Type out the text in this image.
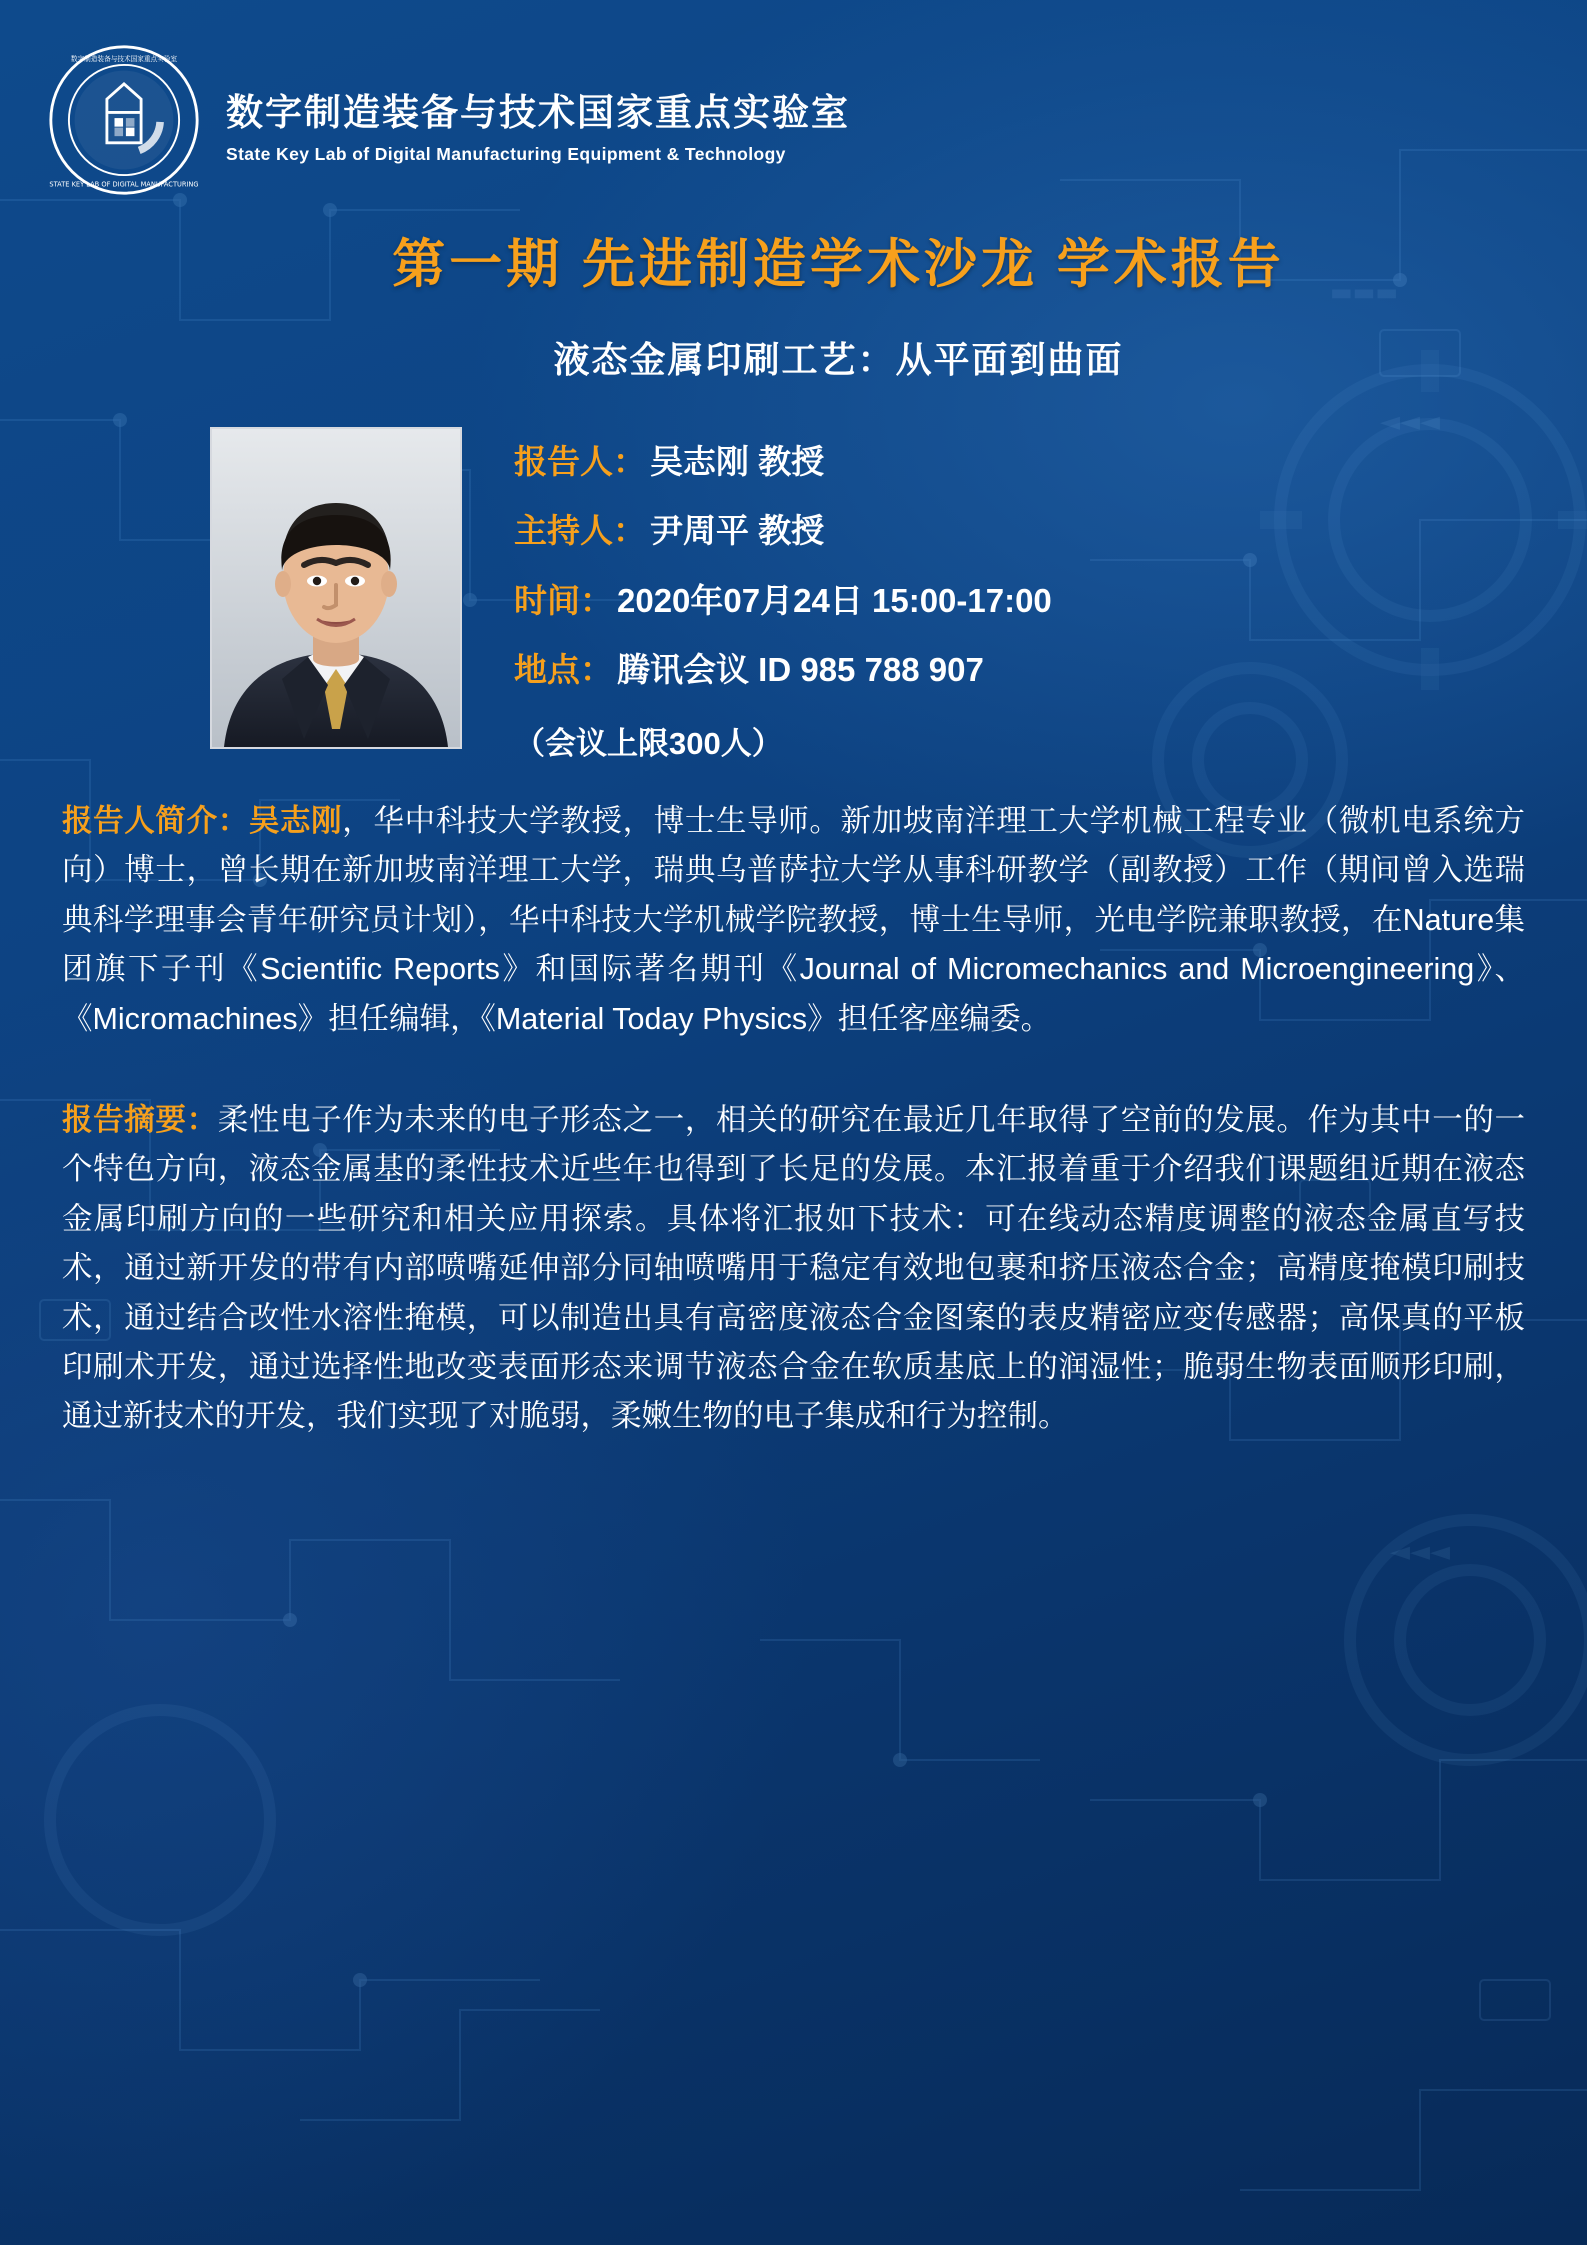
◄◄◄
◄◄◄
▬▬▬
数字制造装备与技术国家重点实验室
STATE KEY LAB OF DIGITAL MANUFACTURING
数字制造装备与技术国家重点实验室
State Key Lab of Digital Manufacturing Equipment & Technology
第一期 先进制造学术沙龙 学术报告
液态金属印刷工艺：从平面到曲面
报告人： 吴志刚 教授
主持人： 尹周平 教授
时间： 2020年07月24日 15:00-17:00
地点： 腾讯会议 ID 985 788 907
（会议上限300人）
报告人简介：吴志刚，华中科技大学教授，博士生导师。新加坡南洋理工大学机械工程专业（微机电系统方向）博士，曾长期在新加坡南洋理工大学，瑞典乌普萨拉大学从事科研教学（副教授）工作（期间曾入选瑞典科学理事会青年研究员计划），华中科技大学机械学院教授，博士生导师，光电学院兼职教授，在Nature集团旗下子刊《Scientific Reports》和国际著名期刊《Journal of Micromechanics and Microengineering》、《Micromachines》担任编辑，《Material Today Physics》担任客座编委。
报告摘要：柔性电子作为未来的电子形态之一，相关的研究在最近几年取得了空前的发展。作为其中一的一个特色方向，液态金属基的柔性技术近些年也得到了长足的发展。本汇报着重于介绍我们课题组近期在液态金属印刷方向的一些研究和相关应用探索。具体将汇报如下技术：可在线动态精度调整的液态金属直写技术，通过新开发的带有内部喷嘴延伸部分同轴喷嘴用于稳定有效地包裹和挤压液态合金；高精度掩模印刷技术，通过结合改性水溶性掩模，可以制造出具有高密度液态合金图案的表皮精密应变传感器；高保真的平板印刷术开发，通过选择性地改变表面形态来调节液态合金在软质基底上的润湿性；脆弱生物表面顺形印刷，通过新技术的开发，我们实现了对脆弱，柔嫩生物的电子集成和行为控制。
